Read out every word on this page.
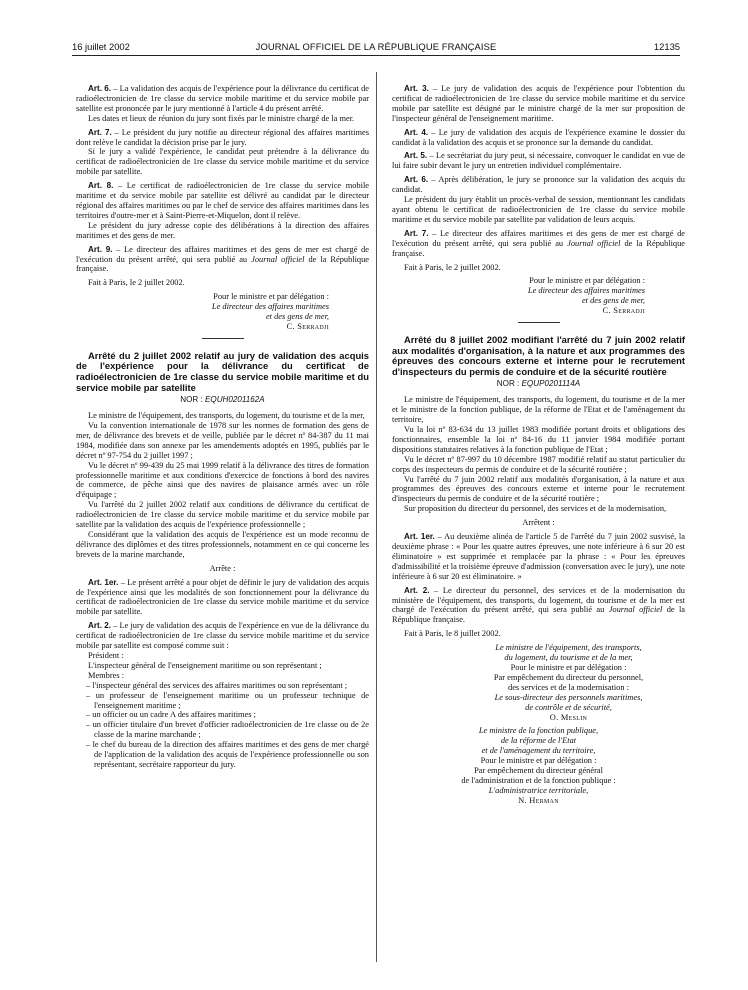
16 juillet 2002	JOURNAL OFFICIEL DE LA RÉPUBLIQUE FRANÇAISE	12135

Art. 6. – La validation des acquis de l'expérience pour la délivrance du certificat de radioélectronicien de 1re classe du service mobile maritime et du service mobile par satellite est prononcée par le jury mentionné à l'article 4 du présent arrêté.

Les dates et lieux de réunion du jury sont fixés par le ministre chargé de la mer.

Art. 7. – Le président du jury notifie au directeur régional des affaires maritimes dont relève le candidat la décision prise par le jury.

Si le jury a validé l'expérience, le candidat peut prétendre à la délivrance du certificat de radioélectronicien de 1re classe du service mobile maritime et du service mobile par satellite.

Art. 8. – Le certificat de radioélectronicien de 1re classe du service mobile maritime et du service mobile par satellite est délivré au candidat par le directeur régional des affaires maritimes ou par le chef de service des affaires maritimes dans les territoires d'outre-mer et à Saint-Pierre-et-Miquelon, dont il relève.

Le président du jury adresse copie des délibérations à la direction des affaires maritimes et des gens de mer.

Art. 9. – Le directeur des affaires maritimes et des gens de mer est chargé de l'exécution du présent arrêté, qui sera publié au Journal officiel de la République française.

Fait à Paris, le 2 juillet 2002.

Pour le ministre et par délégation :
Le directeur des affaires maritimes
et des gens de mer,
C. Serradji

Arrêté du 2 juillet 2002 relatif au jury de validation des acquis de l'expérience pour la délivrance du certificat de radioélectronicien de 1re classe du service mobile maritime et du service mobile par satellite

NOR : EQUH0201162A

Le ministre de l'équipement, des transports, du logement, du tourisme et de la mer,

Vu la convention internationale de 1978 sur les normes de formation des gens de mer, de délivrance des brevets et de veille, publiée par le décret nº 84-387 du 11 mai 1984, modifiée dans son annexe par les amendements adoptés en 1995, publiés par le décret nº 97-754 du 2 juillet 1997 ;

Vu le décret nº 99-439 du 25 mai 1999 relatif à la délivrance des titres de formation professionnelle maritime et aux conditions d'exercice de fonctions à bord des navires de commerce, de pêche ainsi que des navires de plaisance armés avec un rôle d'équipage ;

Vu l'arrêté du 2 juillet 2002 relatif aux conditions de délivrance du certificat de radioélectronicien de 1re classe du service mobile maritime et du service mobile par satellite par la validation des acquis de l'expérience professionnelle ;

Considérant que la validation des acquis de l'expérience est un mode reconnu de délivrance des diplômes et des titres professionnels, notamment en ce qui concerne les brevets de la marine marchande,

Arrête :

Art. 1er. – Le présent arrêté a pour objet de définir le jury de validation des acquis de l'expérience ainsi que les modalités de son fonctionnement pour la délivrance du certificat de radioélectronicien de 1re classe du service mobile maritime et du service mobile par satellite.

Art. 2. – Le jury de validation des acquis de l'expérience en vue de la délivrance du certificat de radioélectronicien de 1re classe du service mobile maritime et du service mobile par satellite est composé comme suit :

Président :

L'inspecteur général de l'enseignement maritime ou son représentant ;

Membres :

– l'inspecteur général des services des affaires maritimes ou son représentant ;

– un professeur de l'enseignement maritime ou un professeur technique de l'enseignement maritime ;

– un officier ou un cadre A des affaires maritimes ;

– un officier titulaire d'un brevet d'officier radioélectronicien de 1re classe ou de 2e classe de la marine marchande ;

– le chef du bureau de la direction des affaires maritimes et des gens de mer chargé de l'application de la validation des acquis de l'expérience professionnelle ou son représentant, secrétaire rapporteur du jury.

Art. 3. – Le jury de validation des acquis de l'expérience pour l'obtention du certificat de radioélectronicien de 1re classe du service mobile maritime et du service mobile par satellite est désigné par le ministre chargé de la mer sur proposition de l'inspecteur général de l'enseignement maritime.

Art. 4. – Le jury de validation des acquis de l'expérience examine le dossier du candidat à la validation des acquis et se prononce sur la demande du candidat.

Art. 5. – Le secrétariat du jury peut, si nécessaire, convoquer le candidat en vue de lui faire subir devant le jury un entretien individuel complémentaire.

Art. 6. – Après délibération, le jury se prononce sur la validation des acquis du candidat.

Le président du jury établit un procès-verbal de session, mentionnant les candidats ayant obtenu le certificat de radioélectronicien de 1re classe du service mobile maritime et du service mobile par satellite par validation de leurs acquis.

Art. 7. – Le directeur des affaires maritimes et des gens de mer est chargé de l'exécution du présent arrêté, qui sera publié au Journal officiel de la République française.

Fait à Paris, le 2 juillet 2002.

Pour le ministre et par délégation :
Le directeur des affaires maritimes
et des gens de mer,
C. Serradji

Arrêté du 8 juillet 2002 modifiant l'arrêté du 7 juin 2002 relatif aux modalités d'organisation, à la nature et aux programmes des épreuves des concours externe et interne pour le recrutement d'inspecteurs du permis de conduire et de la sécurité routière

NOR : EQUP0201114A

Le ministre de l'équipement, des transports, du logement, du tourisme et de la mer et le ministre de la fonction publique, de la réforme de l'Etat et de l'aménagement du territoire,

Vu la loi nº 83-634 du 13 juillet 1983 modifiée portant droits et obligations des fonctionnaires, ensemble la loi nº 84-16 du 11 janvier 1984 modifiée portant dispositions statutaires relatives à la fonction publique de l'Etat ;

Vu le décret nº 87-997 du 10 décembre 1987 modifié relatif au statut particulier du corps des inspecteurs du permis de conduire et de la sécurité routière ;

Vu l'arrêté du 7 juin 2002 relatif aux modalités d'organisation, à la nature et aux programmes des épreuves des concours externe et interne pour le recrutement d'inspecteurs du permis de conduire et de la sécurité routière ;

Sur proposition du directeur du personnel, des services et de la modernisation,

Arrêtent :

Art. 1er. – Au deuxième alinéa de l'article 5 de l'arrêté du 7 juin 2002 susvisé, la deuxième phrase : « Pour les quatre autres épreuves, une note inférieure à 6 sur 20 est éliminatoire » est supprimée et remplacée par la phrase : « Pour les épreuves d'admissibilité et la troisième épreuve d'admission (conversation avec le jury), une note inférieure à 6 sur 20 est éliminatoire. »

Art. 2. – Le directeur du personnel, des services et de la modernisation du ministère de l'équipement, des transports, du logement, du tourisme et de la mer est chargé de l'exécution du présent arrêté, qui sera publié au Journal officiel de la République française.

Fait à Paris, le 8 juillet 2002.

Le ministre de l'équipement, des transports,
du logement, du tourisme et de la mer,
Pour le ministre et par délégation :
Par empêchement du directeur du personnel,
des services et de la modernisation :
Le sous-directeur des personnels maritimes,
de contrôle et de sécurité,
O. Meslin
Le ministre de la fonction publique,
de la réforme de l'Etat
et de l'aménagement du territoire,
Pour le ministre et par délégation :
Par empêchement du directeur général
de l'administration et de la fonction publique :
L'administratrice territoriale,
N. Herman
